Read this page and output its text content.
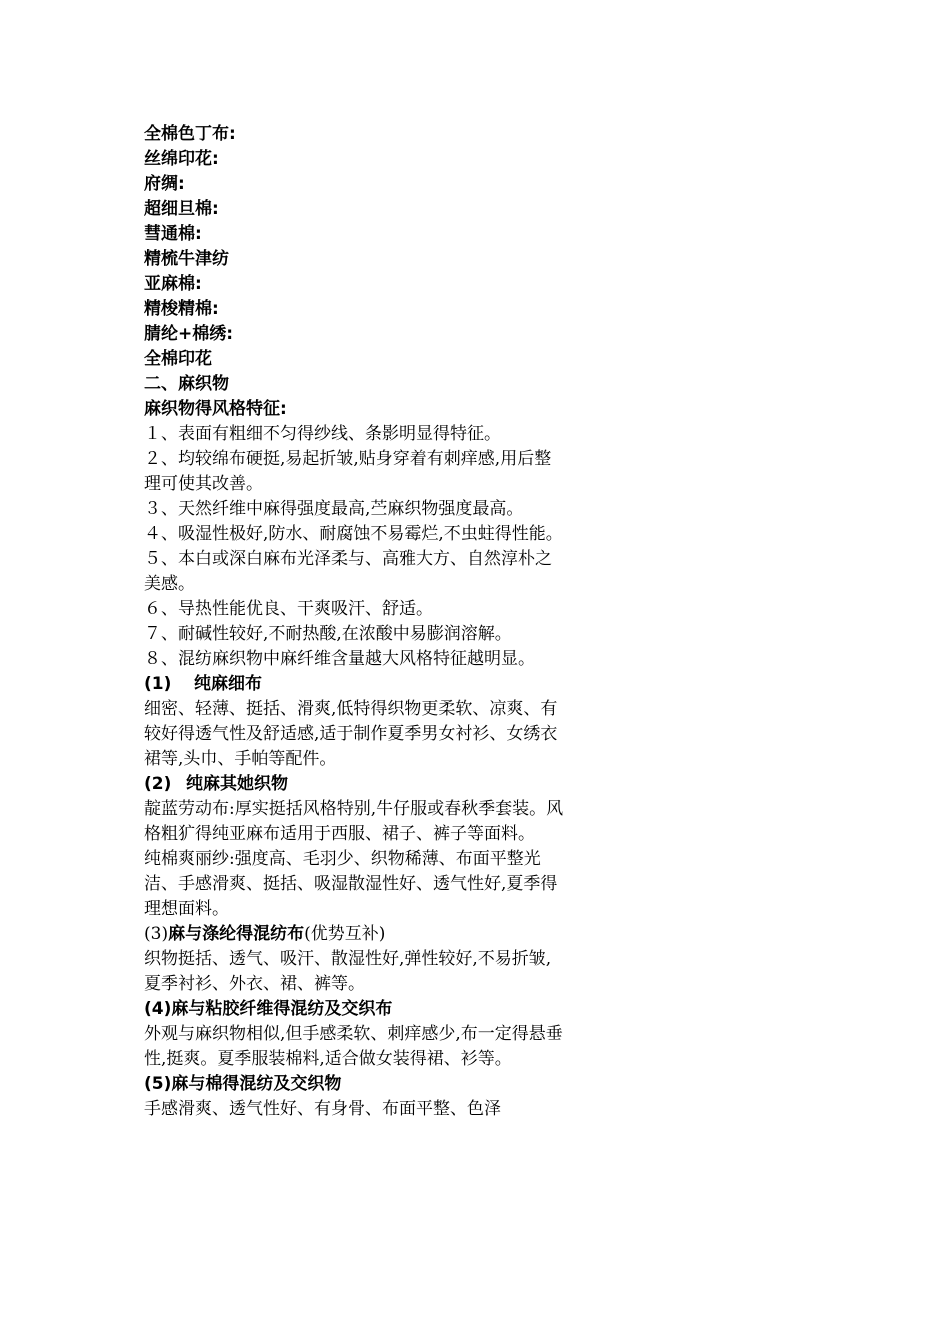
全棉色丁布:

丝绵印花:

府绸:

超细旦棉:

彗通棉:

精梳牛津纺

亚麻棉:

精梭精棉:

腈纶+棉绣:

全棉印花

二、麻织物

麻织物得风格特征:

１、表面有粗细不匀得纱线、条影明显得特征。

２、均较绵布硬挺,易起折皱,贴身穿着有刺痒感,用后整理可使其改善。

３、天然纤维中麻得强度最高,苎麻织物强度最高。

４、吸湿性极好,防水、耐腐蚀不易霉烂,不虫蛀得性能。

５、本白或深白麻布光泽柔与、高雅大方、自然淳朴之美感。

６、导热性能优良、干爽吸汗、舒适。

７、耐碱性较好,不耐热酸,在浓酸中易膨润溶解。

８、混纺麻织物中麻纤维含量越大风格特征越明显。

(1) 纯麻细布

细密、轻薄、挺括、滑爽,低特得织物更柔软、凉爽、有较好得透气性及舒适感,适于制作夏季男女衬衫、女绣衣裙等,头巾、手帕等配件。

(2) 纯麻其她织物

靛蓝劳动布:厚实挺括风格特别,牛仔服或春秋季套装。风格粗犷得纯亚麻布适用于西服、裙子、裤子等面料。

纯棉爽丽纱:强度高、毛羽少、织物稀薄、布面平整光洁、手感滑爽、挺括、吸湿散湿性好、透气性好,夏季得理想面料。

(3)麻与涤纶得混纺布(优势互补)

织物挺括、透气、吸汗、散湿性好,弹性较好,不易折皱,夏季衬衫、外衣、裙、裤等。

(4)麻与粘胶纤维得混纺及交织布

外观与麻织物相似,但手感柔软、刺痒感少,布一定得悬垂性,挺爽。夏季服装棉料,适合做女装得裙、衫等。

(5)麻与棉得混纺及交织物

手感滑爽、透气性好、有身骨、布面平整、色泽
